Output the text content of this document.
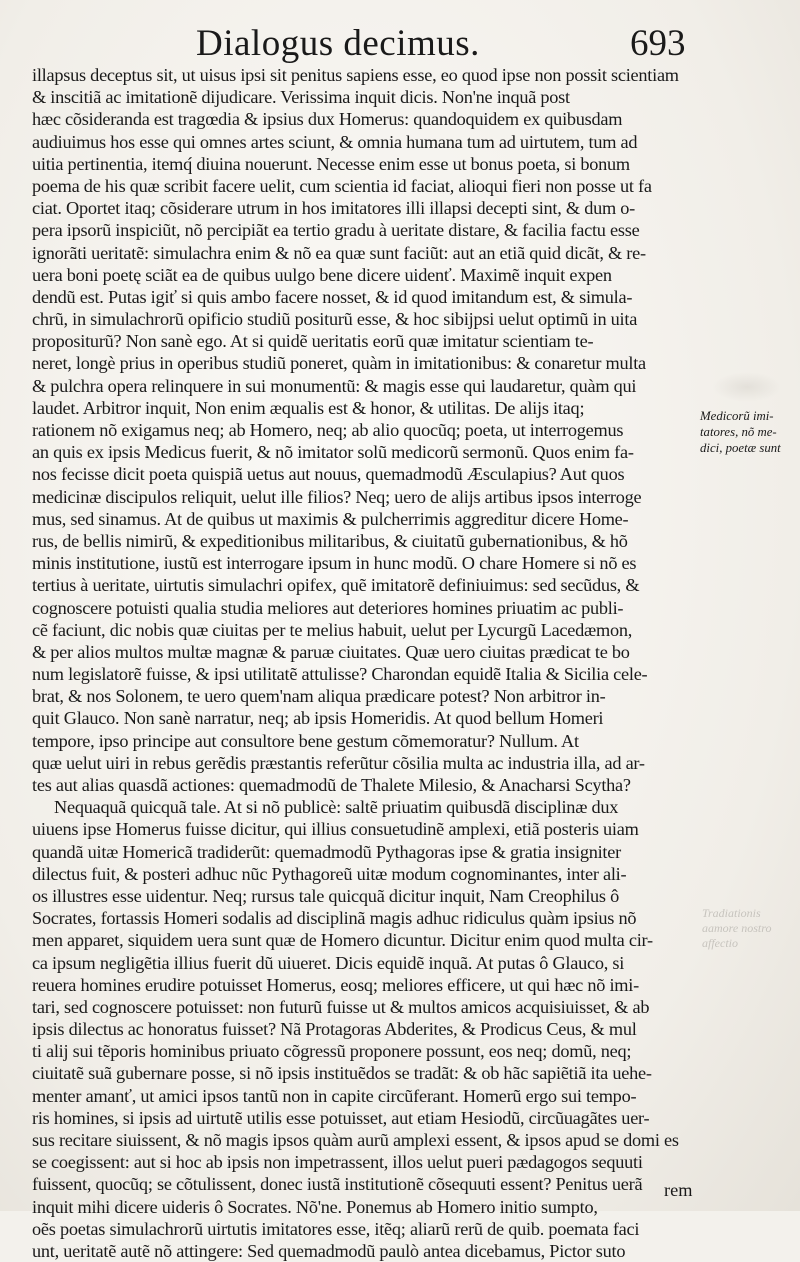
Dialogus decimus.	693
illapsus deceptus sit, ut uisus ipsi sit penitus sapiens esse, eo quod ipse non possit scientiam
& inscitiã ac imitationẽ dijudicare. Verissima inquit dicis. Non'ne inquã post
hæc cõsideranda est tragœdia & ipsius dux Homerus: quandoquidem ex quibusdam
audiuimus hos esse qui omnes artes sciunt, & omnia humana tum ad uirtutem, tum ad
uitia pertinentia, itemq́ diuina nouerunt. Necesse enim esse ut bonus poeta, si bonum
poema de his quæ scribit facere uelit, cum scientia id faciat, alioqui fieri non posse ut fa
ciat. Oportet itaq; cõsiderare utrum in hos imitatores illi illapsi decepti sint, & dum o-
pera ipsorũ inspiciũt, nõ percipiãt ea tertio gradu à ueritate distare, & facilia factu esse
ignorãti ueritatẽ: simulachra enim & nõ ea quæ sunt faciũt: aut an etiã quid dicãt, & re-
uera boni poetę sciãt ea de quibus uulgo bene dicere uidenť. Maximẽ inquit expen
dendũ est. Putas igiť si quis ambo facere nosset, & id quod imitandum est, & simula-
chrũ, in simulachrorũ opificio studiũ positurũ esse, & hoc sibijpsi uelut optimũ in uita
propositurũ? Non sanè ego. At si quidẽ ueritatis eorũ quæ imitatur scientiam te-
neret, longè prius in operibus studiũ poneret, quàm in imitationibus: & conaretur multa
& pulchra opera relinquere in sui monumentũ: & magis esse qui laudaretur, quàm qui
laudet. Arbitror inquit, Non enim æqualis est & honor, & utilitas. De alijs itaq;
rationem nõ exigamus neq; ab Homero, neq; ab alio quocũq; poeta, ut interrogemus
an quis ex ipsis Medicus fuerit, & nõ imitator solũ medicorũ sermonũ. Quos enim fa-
nos fecisse dicit poeta quispiã uetus aut nouus, quemadmodũ Æsculapius? Aut quos
medicinæ discipulos reliquit, uelut ille filios? Neq; uero de alijs artibus ipsos interroge
mus, sed sinamus. At de quibus ut maximis & pulcherrimis aggreditur dicere Home-
rus, de bellis nimirũ, & expeditionibus militaribus, & ciuitatũ gubernationibus, & hõ
minis institutione, iustũ est interrogare ipsum in hunc modũ. O chare Homere si nõ es
tertius à ueritate, uirtutis simulachri opifex, quẽ imitatorẽ definiuimus: sed secũdus, &
cognoscere potuisti qualia studia meliores aut deteriores homines priuatim ac publi-
cẽ faciunt, dic nobis quæ ciuitas per te melius habuit, uelut per Lycurgũ Lacedæmon,
& per alios multos multæ magnæ & paruæ ciuitates. Quæ uero ciuitas prædicat te bo
num legislatorẽ fuisse, & ipsi utilitatẽ attulisse? Charondan equidẽ Italia & Sicilia cele-
brat, & nos Solonem, te uero quem'nam aliqua prædicare potest? Non arbitror in-
quit Glauco. Non sanè narratur, neq; ab ipsis Homeridis. At quod bellum Homeri
tempore, ipso principe aut consultore bene gestum cõmemoratur? Nullum. At
quæ uelut uiri in rebus gerẽdis præstantis referũtur cõsilia multa ac industria illa, ad ar-
tes aut alias quasdã actiones: quemadmodũ de Thalete Milesio, & Anacharsi Scytha?
Nequaquã quicquã tale. At si nõ publicè: saltẽ priuatim quibusdã disciplinæ dux
uiuens ipse Homerus fuisse dicitur, qui illius consuetudinẽ amplexi, etiã posteris uiam
quandã uitæ Homericã tradiderũt: quemadmodũ Pythagoras ipse & gratia insigniter
dilectus fuit, & posteri adhuc nũc Pythagoreũ uitæ modum cognominantes, inter ali-
os illustres esse uidentur. Neq; rursus tale quicquã dicitur inquit, Nam Creophilus ô
Socrates, fortassis Homeri sodalis ad disciplinã magis adhuc ridiculus quàm ipsius nõ
men apparet, siquidem uera sunt quæ de Homero dicuntur. Dicitur enim quod multa cir-
ca ipsum negligẽtia illius fuerit dũ uiueret. Dicis equidẽ inquã. At putas ô Glauco, si
reuera homines erudire potuisset Homerus, eosq; meliores efficere, ut qui hæc nõ imi-
tari, sed cognoscere potuisset: non futurũ fuisse ut & multos amicos acquisiuisset, & ab
ipsis dilectus ac honoratus fuisset? Nã Protagoras Abderites, & Prodicus Ceus, & mul
ti alij sui tẽporis hominibus priuato cõgressũ proponere possunt, eos neq; domũ, neq;
ciuitatẽ suã gubernare posse, si nõ ipsis instituẽdos se tradãt: & ob hãc sapiẽtiã ita uehe-
menter amanť, ut amici ipsos tantũ non in capite circũferant. Homerũ ergo sui tempo-
ris homines, si ipsis ad uirtutẽ utilis esse potuisset, aut etiam Hesiodũ, circũuagãtes uer-
sus recitare siuissent, & nõ magis ipsos quàm aurũ amplexi essent, & ipsos apud se domi es
se coegissent: aut si hoc ab ipsis non impetrassent, illos uelut pueri pædagogos sequuti
fuissent, quocũq; se cõtulissent, donec iustã institutionẽ cõsequuti essent? Penitus uerã
inquit mihi dicere uideris ô Socrates. Nõ'ne. Ponemus ab Homero initio sumpto,
oẽs poetas simulachrorũ uirtutis imitatores esse, itẽq; aliarũ rerũ de quib. poemata faci
unt, ueritatẽ autẽ nõ attingere: Sed quemadmodũ paulò antea dicebamus, Pictor suto
Medicorũ imi-
tatores, nõ me-
dici, poetæ sunt
Tradiationis
aamore nostro
affectio
rem
